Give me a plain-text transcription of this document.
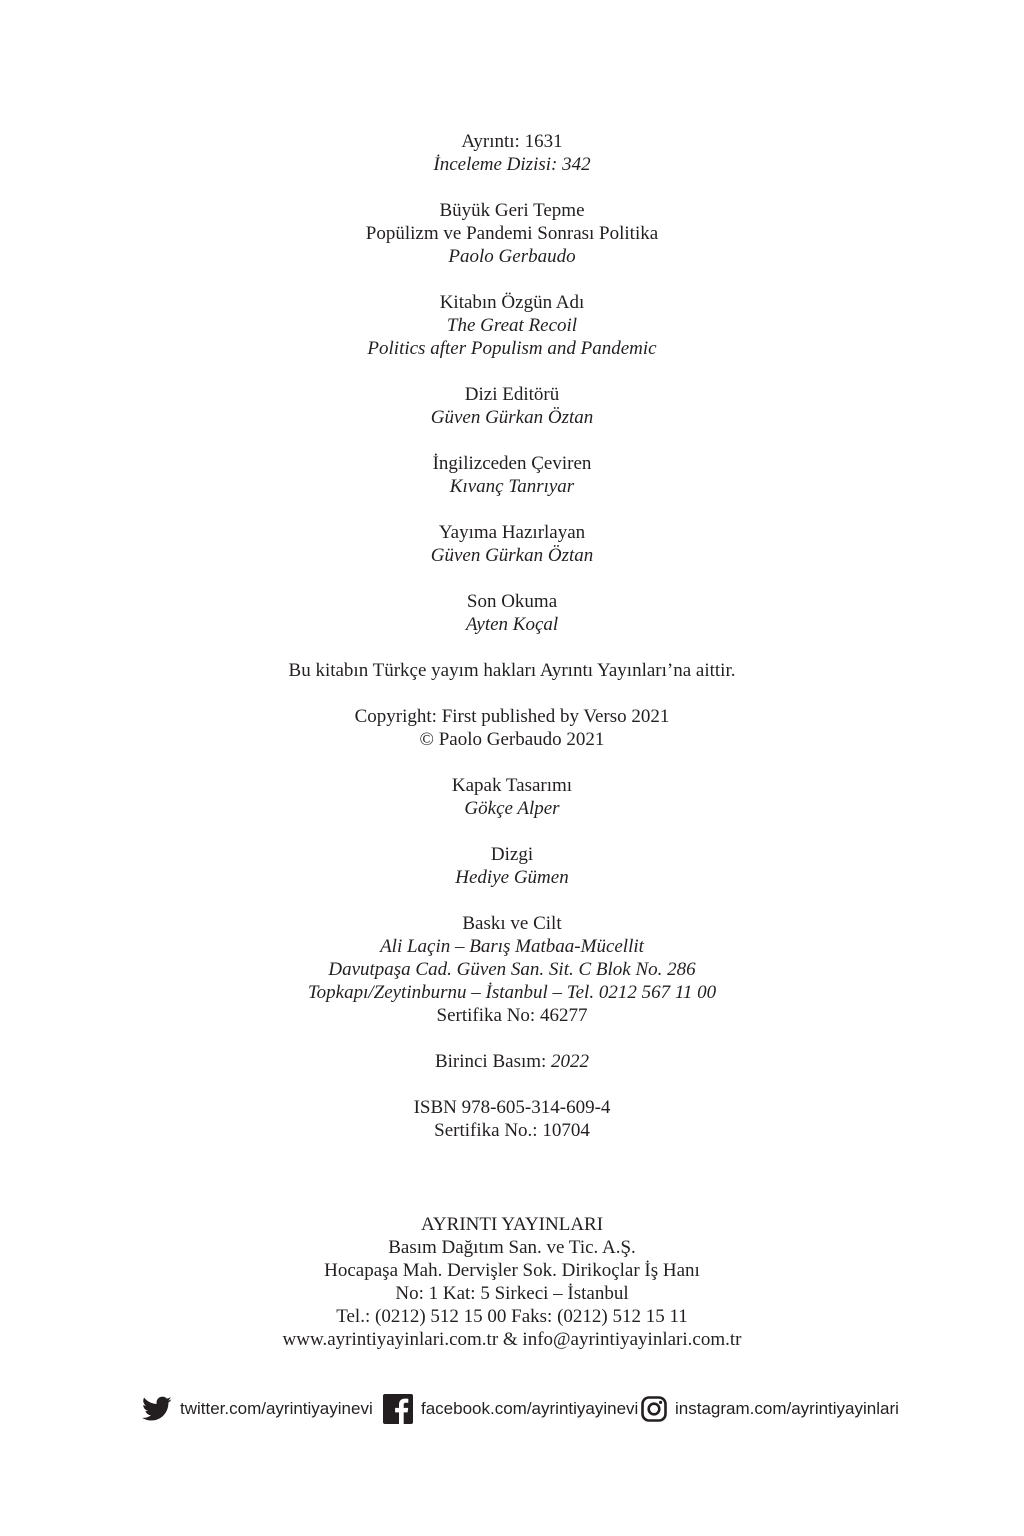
Ayrıntı: 1631
İnceleme Dizisi: 342
Büyük Geri Tepme
Popülizm ve Pandemi Sonrası Politika
Paolo Gerbaudo
Kitabın Özgün Adı
The Great Recoil
Politics after Populism and Pandemic
Dizi Editörü
Güven Gürkan Öztan
İngilizceden Çeviren
Kıvanç Tanrıyar
Yayıma Hazırlayan
Güven Gürkan Öztan
Son Okuma
Ayten Koçal
Bu kitabın Türkçe yayım hakları Ayrıntı Yayınları’na aittir.
Copyright: First published by Verso 2021
© Paolo Gerbaudo 2021
Kapak Tasarımı
Gökçe Alper
Dizgi
Hediye Gümen
Baskı ve Cilt
Ali Laçin – Barış Matbaa-Mücellit
Davutpaşa Cad. Güven San. Sit. C Blok No. 286
Topkapı/Zeytinburnu – İstanbul – Tel. 0212 567 11 00
Sertifika No: 46277
Birinci Basım: 2022
ISBN 978-605-314-609-4
Sertifika No.: 10704
AYRINTI YAYINLARI
Basım Dağıtım San. ve Tic. A.Ş.
Hocapaşa Mah. Dervişler Sok. Dirikoçlar İş Hanı
No: 1 Kat: 5 Sirkeci – İstanbul
Tel.: (0212) 512 15 00 Faks: (0212) 512 15 11
www.ayrintiyayinlari.com.tr & info@ayrintiyayinlari.com.tr
twitter.com/ayrintiyayinevi	facebook.com/ayrintiyayinevi instagram.com/ayrintiyayinlari
